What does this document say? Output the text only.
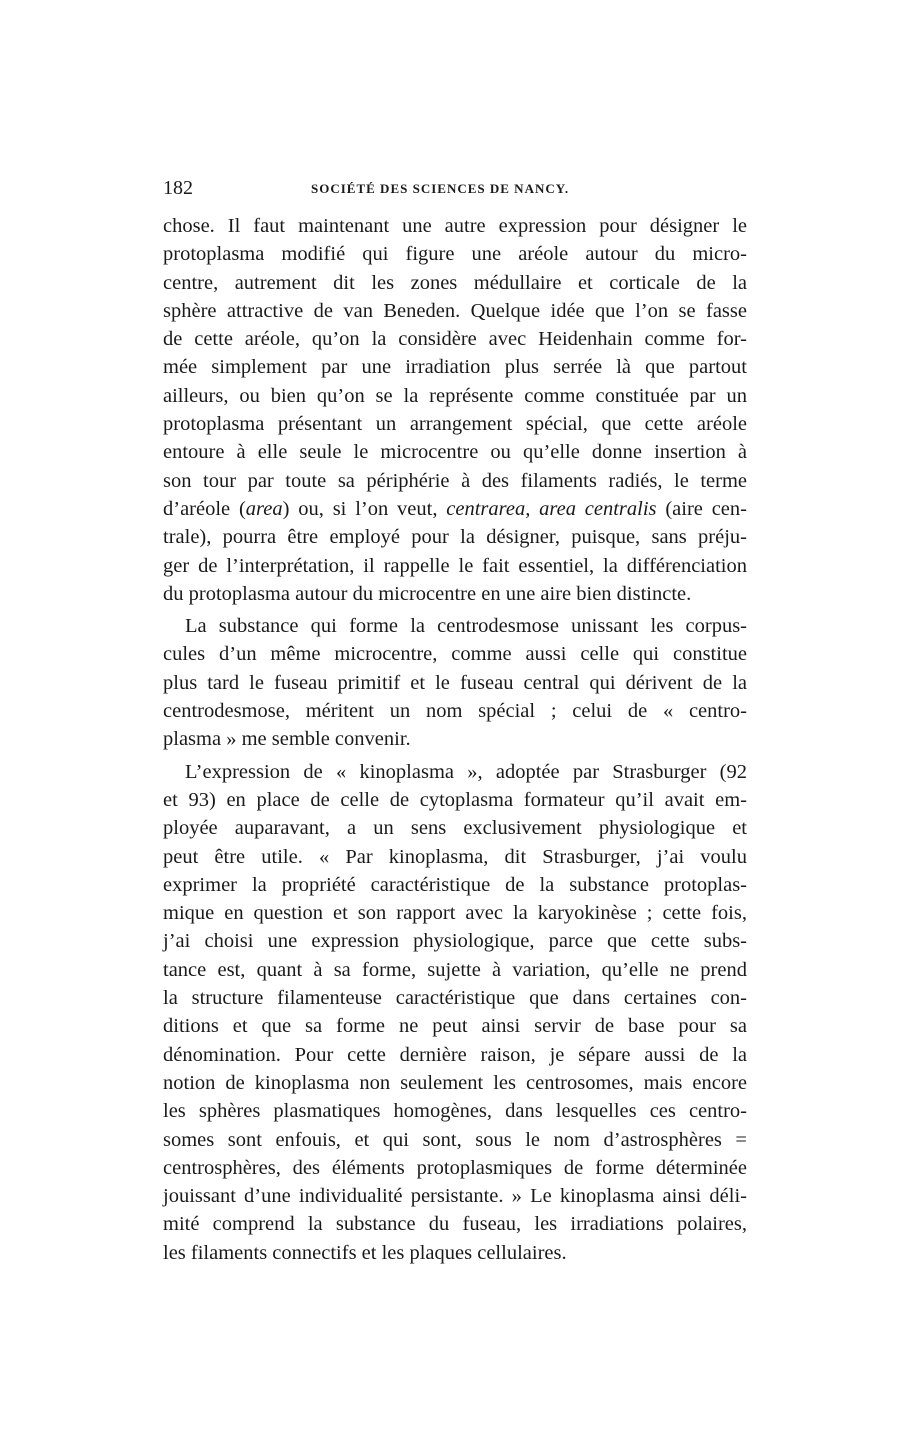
182	SOCIÉTÉ DES SCIENCES DE NANCY.
chose. Il faut maintenant une autre expression pour désigner le
protoplasma modifié qui figure une aréole autour du micro-
centre, autrement dit les zones médullaire et corticale de la
sphère attractive de van Beneden. Quelque idée que l’on se fasse
de cette aréole, qu’on la considère avec Heidenhain comme for-
mée simplement par une irradiation plus serrée là que partout
ailleurs, ou bien qu’on se la représente comme constituée par un
protoplasma présentant un arrangement spécial, que cette aréole
entoure à elle seule le microcentre ou qu’elle donne insertion à
son tour par toute sa périphérie à des filaments radiés, le terme
d’aréole (area) ou, si l’on veut, centrarea, area centralis (aire cen-
trale), pourra être employé pour la désigner, puisque, sans préju-
ger de l’interprétation, il rappelle le fait essentiel, la différenciation
du protoplasma autour du microcentre en une aire bien distincte.
La substance qui forme la centrodesmose unissant les corpus-
cules d’un même microcentre, comme aussi celle qui constitue
plus tard le fuseau primitif et le fuseau central qui dérivent de la
centrodesmose, méritent un nom spécial ; celui de « centro-
plasma » me semble convenir.
L’expression de « kinoplasma », adoptée par Strasburger (92
et 93) en place de celle de cytoplasma formateur qu’il avait em-
ployée auparavant, a un sens exclusivement physiologique et
peut être utile. « Par kinoplasma, dit Strasburger, j’ai voulu
exprimer la propriété caractéristique de la substance protoplas-
mique en question et son rapport avec la karyokinèse ; cette fois,
j’ai choisi une expression physiologique, parce que cette subs-
tance est, quant à sa forme, sujette à variation, qu’elle ne prend
la structure filamenteuse caractéristique que dans certaines con-
ditions et que sa forme ne peut ainsi servir de base pour sa
dénomination. Pour cette dernière raison, je sépare aussi de la
notion de kinoplasma non seulement les centrosomes, mais encore
les sphères plasmatiques homogènes, dans lesquelles ces centro-
somes sont enfouis, et qui sont, sous le nom d’astrosphères =
centrosphères, des éléments protoplasmiques de forme déterminée
jouissant d’une individualité persistante. » Le kinoplasma ainsi déli-
mité comprend la substance du fuseau, les irradiations polaires,
les filaments connectifs et les plaques cellulaires.
